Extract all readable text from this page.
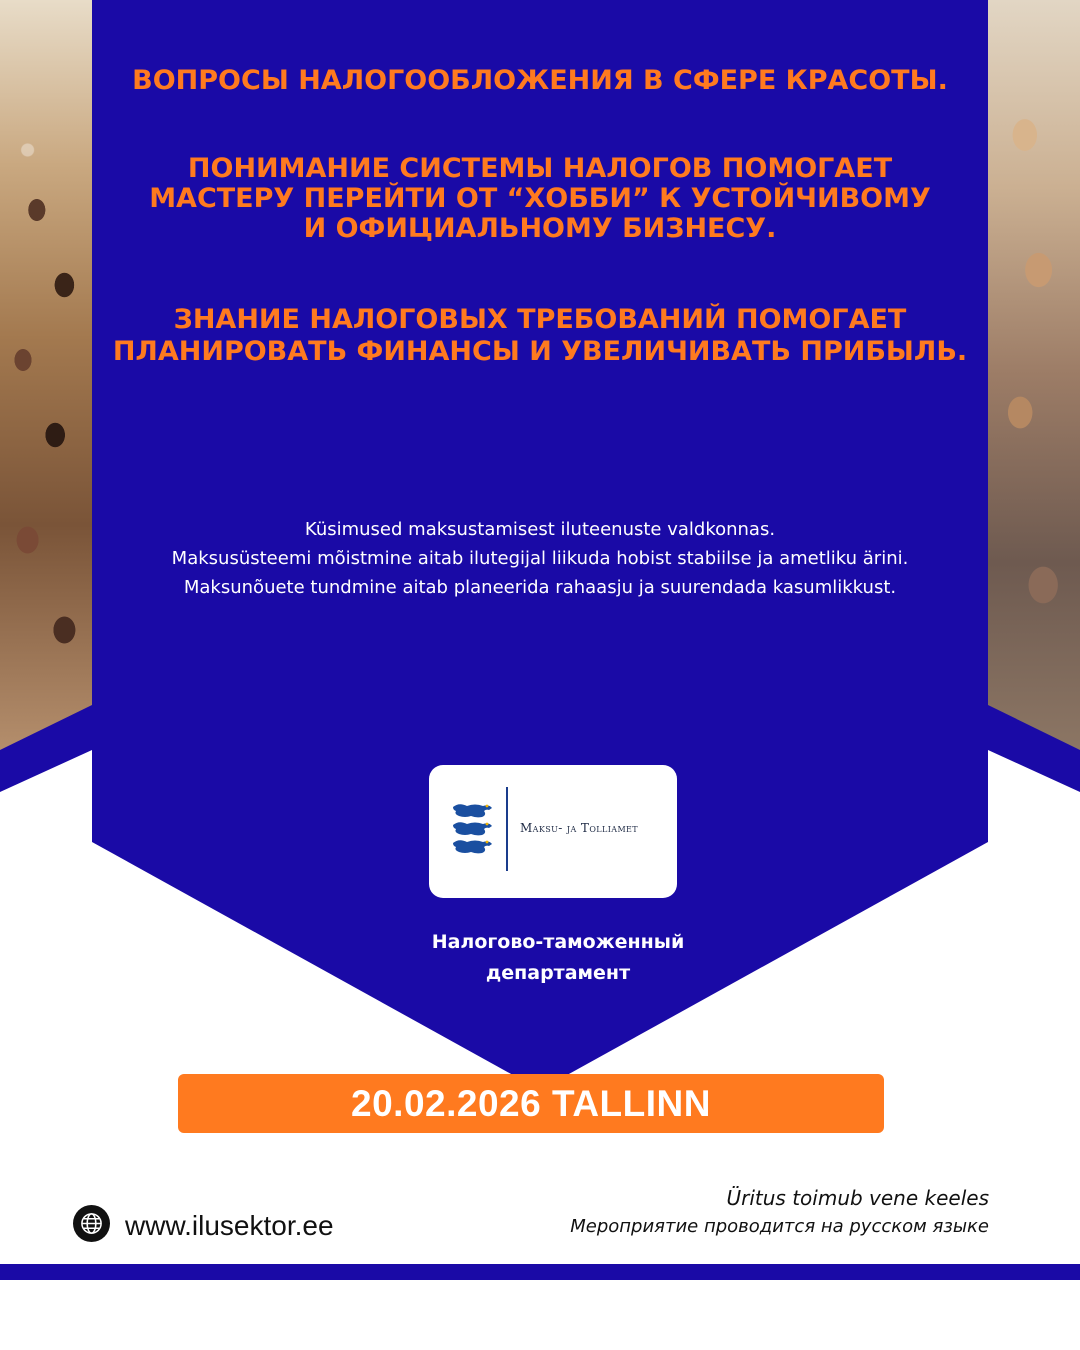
ВОПРОСЫ НАЛОГООБЛОЖЕНИЯ В СФЕРЕ КРАСОТЫ.
ПОНИМАНИЕ СИСТЕМЫ НАЛОГОВ ПОМОГАЕТ
МАСТЕРУ ПЕРЕЙТИ ОТ “ХОББИ” К УСТОЙЧИВОМУ
И ОФИЦИАЛЬНОМУ БИЗНЕСУ.
ЗНАНИЕ НАЛОГОВЫХ ТРЕБОВАНИЙ ПОМОГАЕТ
ПЛАНИРОВАТЬ ФИНАНСЫ И УВЕЛИЧИВАТЬ ПРИБЫЛЬ.
Küsimused maksustamisest iluteenuste valdkonnas.
Maksusüsteemi mõistmine aitab ilutegijal liikuda hobist stabiilse ja ametliku ärini.
Maksunõuete tundmine aitab planeerida rahaasju ja suurendada kasumlikkust.
Maksu- ja Tolliamet
Налогово-таможенный
департамент
20.02.2026 TALLINN
www.ilusektor.ee
Üritus toimub vene keeles
Мероприятие проводится на русском языке
